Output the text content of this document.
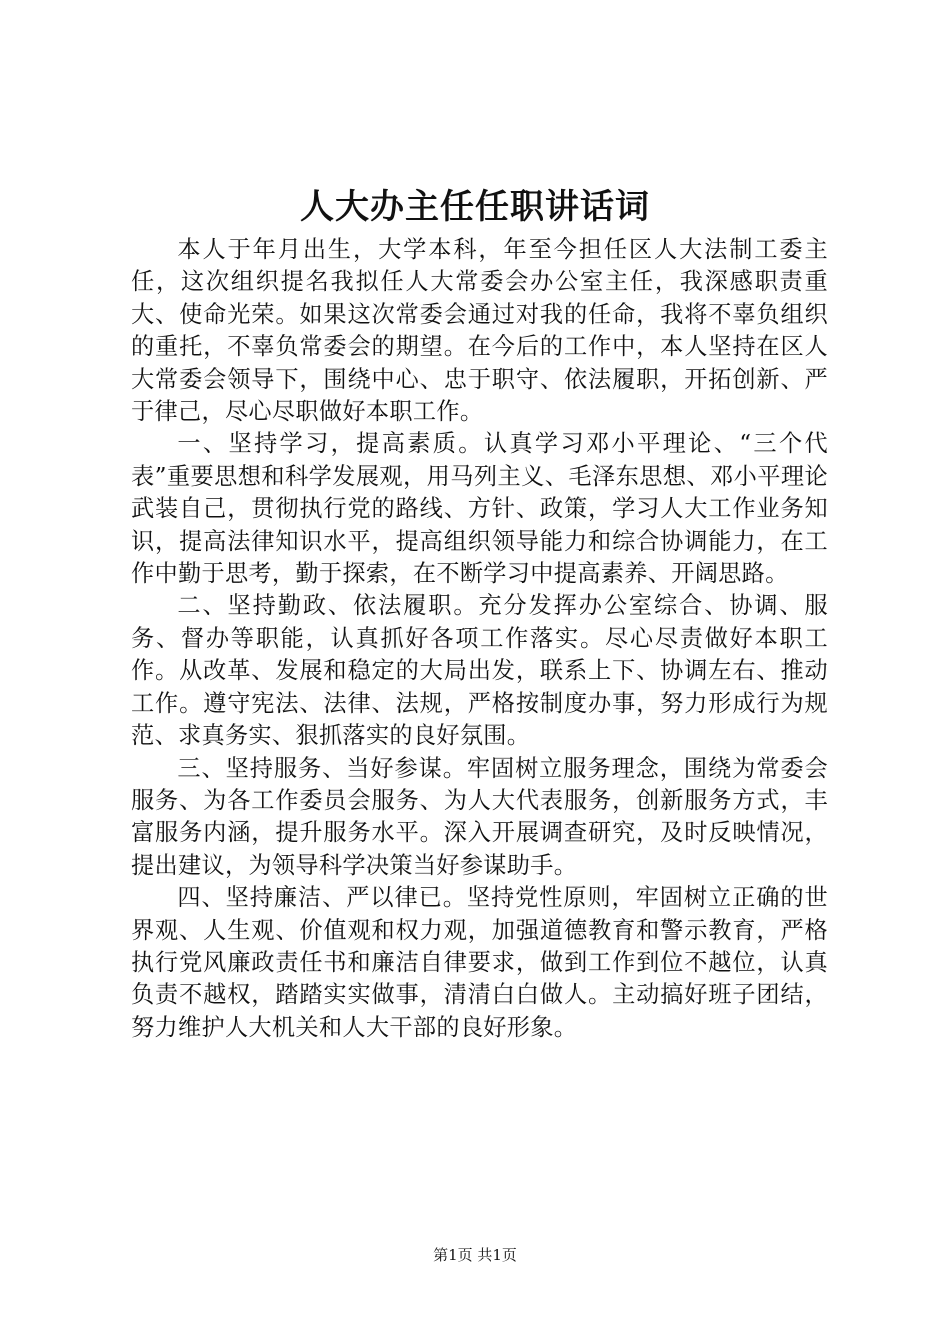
人大办主任任职讲话词

本人于年月出生，大学本科，年至今担任区人大法制工委主任，这次组织提名我拟任人大常委会办公室主任，我深感职责重大、使命光荣。如果这次常委会通过对我的任命，我将不辜负组织的重托，不辜负常委会的期望。在今后的工作中，本人坚持在区人大常委会领导下，围绕中心、忠于职守、依法履职，开拓创新、严于律己，尽心尽职做好本职工作。

一、坚持学习，提高素质。认真学习邓小平理论、“三个代表”重要思想和科学发展观，用马列主义、毛泽东思想、邓小平理论武装自己，贯彻执行党的路线、方针、政策，学习人大工作业务知识，提高法律知识水平，提高组织领导能力和综合协调能力，在工作中勤于思考，勤于探索，在不断学习中提高素养、开阔思路。

二、坚持勤政、依法履职。充分发挥办公室综合、协调、服务、督办等职能，认真抓好各项工作落实。尽心尽责做好本职工作。从改革、发展和稳定的大局出发，联系上下、协调左右、推动工作。遵守宪法、法律、法规，严格按制度办事，努力形成行为规范、求真务实、狠抓落实的良好氛围。

三、坚持服务、当好参谋。牢固树立服务理念，围绕为常委会服务、为各工作委员会服务、为人大代表服务，创新服务方式，丰富服务内涵，提升服务水平。深入开展调查研究，及时反映情况，提出建议，为领导科学决策当好参谋助手。

四、坚持廉洁、严以律已。坚持党性原则，牢固树立正确的世界观、人生观、价值观和权力观，加强道德教育和警示教育，严格执行党风廉政责任书和廉洁自律要求，做到工作到位不越位，认真负责不越权，踏踏实实做事，清清白白做人。主动搞好班子团结，努力维护人大机关和人大干部的良好形象。

第1页 共1页
